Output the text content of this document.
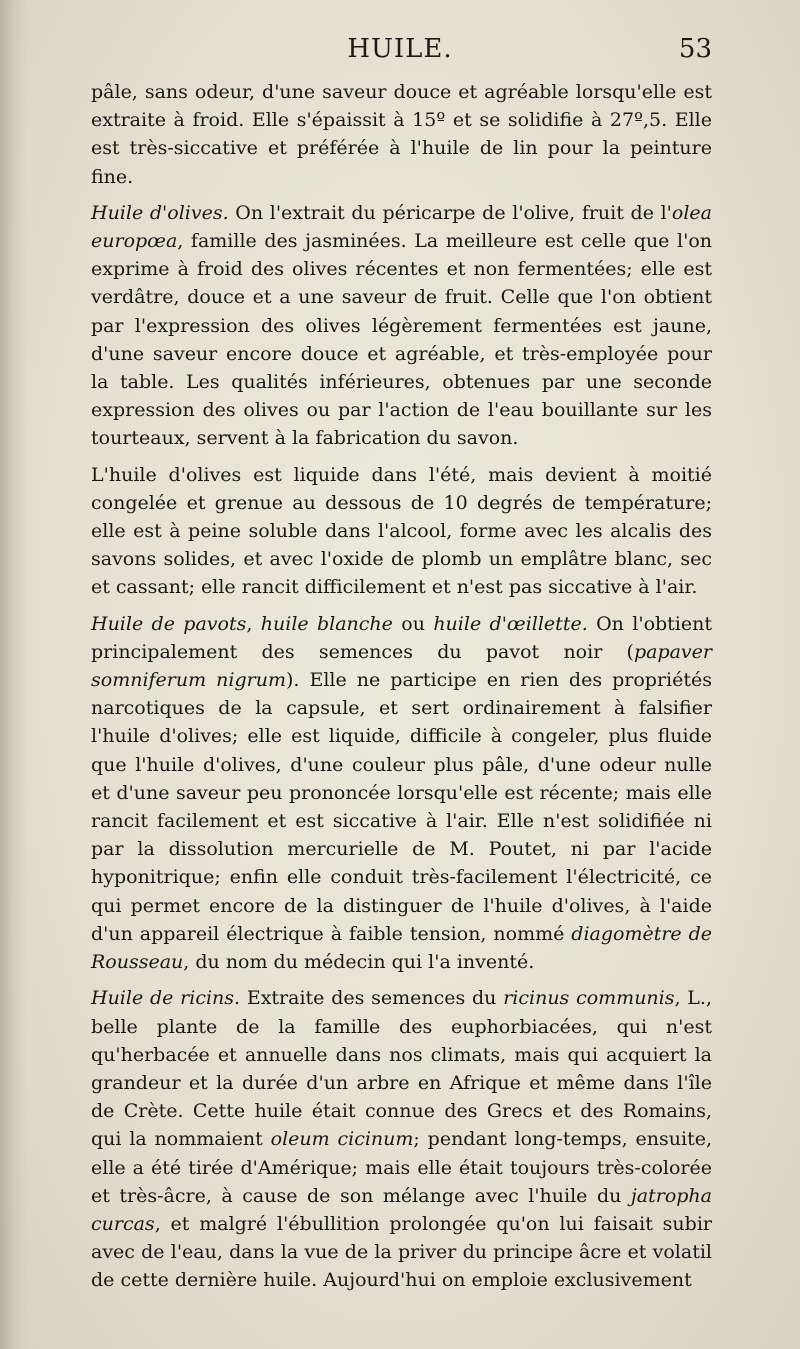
HUILE.	53

pâle, sans odeur, d'une saveur douce et agréable lorsqu'elle est extraite à froid. Elle s'épaissit à 15º et se solidifie à 27º,5. Elle est très-siccative et préférée à l'huile de lin pour la peinture fine.

Huile d'olives. On l'extrait du péricarpe de l'olive, fruit de l'olea europœa, famille des jasminées. La meilleure est celle que l'on exprime à froid des olives récentes et non fermentées; elle est verdâtre, douce et a une saveur de fruit. Celle que l'on obtient par l'expression des olives légèrement fermentées est jaune, d'une saveur encore douce et agréable, et très-employée pour la table. Les qualités inférieures, obtenues par une seconde expression des olives ou par l'action de l'eau bouillante sur les tourteaux, servent à la fabrication du savon.

L'huile d'olives est liquide dans l'été, mais devient à moitié congelée et grenue au dessous de 10 degrés de température; elle est à peine soluble dans l'alcool, forme avec les alcalis des savons solides, et avec l'oxide de plomb un emplâtre blanc, sec et cassant; elle rancit difficilement et n'est pas siccative à l'air.

Huile de pavots, huile blanche ou huile d'œillette. On l'obtient principalement des semences du pavot noir (papaver somniferum nigrum). Elle ne participe en rien des propriétés narcotiques de la capsule, et sert ordinairement à falsifier l'huile d'olives; elle est liquide, difficile à congeler, plus fluide que l'huile d'olives, d'une couleur plus pâle, d'une odeur nulle et d'une saveur peu prononcée lorsqu'elle est récente; mais elle rancit facilement et est siccative à l'air. Elle n'est solidifiée ni par la dissolution mercurielle de M. Poutet, ni par l'acide hyponitrique; enfin elle conduit très-facilement l'électricité, ce qui permet encore de la distinguer de l'huile d'olives, à l'aide d'un appareil électrique à faible tension, nommé diagomètre de Rousseau, du nom du médecin qui l'a inventé.

Huile de ricins. Extraite des semences du ricinus communis, L., belle plante de la famille des euphorbiacées, qui n'est qu'herbacée et annuelle dans nos climats, mais qui acquiert la grandeur et la durée d'un arbre en Afrique et même dans l'île de Crète. Cette huile était connue des Grecs et des Romains, qui la nommaient oleum cicinum; pendant long-temps, ensuite, elle a été tirée d'Amérique; mais elle était toujours très-colorée et très-âcre, à cause de son mélange avec l'huile du jatropha curcas, et malgré l'ébullition prolongée qu'on lui faisait subir avec de l'eau, dans la vue de la priver du principe âcre et volatil de cette dernière huile. Aujourd'hui on emploie exclusivement
